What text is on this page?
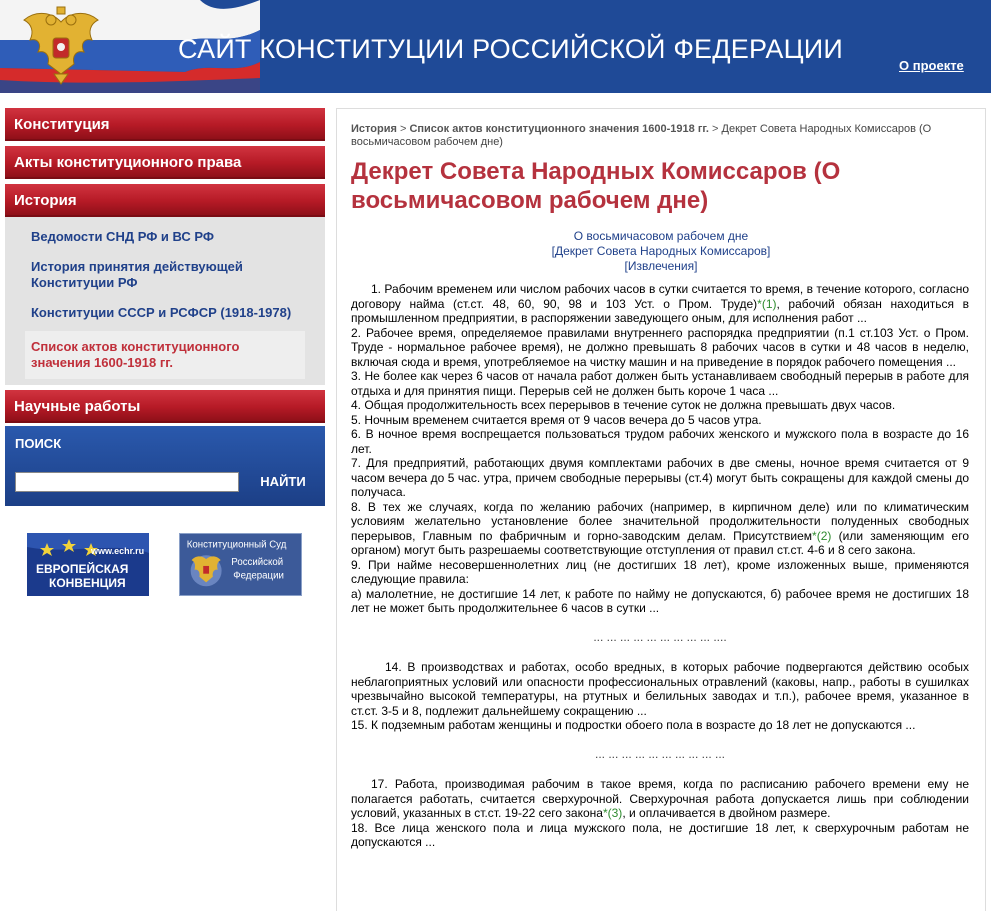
САЙТ КОНСТИТУЦИИ РОССИЙСКОЙ ФЕДЕРАЦИИ
О проекте
Конституция
Акты конституционного права
История
Ведомости СНД РФ и ВС РФ
История принятия действующей Конституции РФ
Конституции СССР и РСФСР (1918-1978)
Список актов конституционного значения 1600-1918 гг.
Научные работы
ПОИСК
НАЙТИ
www.echr.ru
ЕВРОПЕЙСКАЯ
КОНВЕНЦИЯ
Конституционный Суд
Российской
Федерации
История > Список актов конституционного значения 1600-1918 гг. > Декрет Совета Народных Комиссаров (О восьмичасовом рабочем дне)
Декрет Совета Народных Комиссаров (О восьмичасовом рабочем дне)
О восьмичасовом рабочем дне
[Декрет Совета Народных Комиссаров]
[Извлечения]

1. Рабочим временем или числом рабочих часов в сутки считается то время, в течение которого, согласно договору найма (ст.ст. 48, 60, 90, 98 и 103 Уст. о Пром. Труде)*(1), рабочий обязан находиться в промышленном предприятии, в распоряжении заведующего оным, для исполнения работ ...

2. Рабочее время, определяемое правилами внутреннего распорядка предприятии (п.1 ст.103 Уст. о Пром. Труде - нормальное рабочее время), не должно превышать 8 рабочих часов в сутки и 48 часов в неделю, включая сюда и время, употребляемое на чистку машин и на приведение в порядок рабочего помещения ...

3. Не более как через 6 часов от начала работ должен быть устанавливаем свободный перерыв в работе для отдыха и для принятия пищи. Перерыв сей не должен быть короче 1 часа ...

4. Общая продолжительность всех перерывов в течение суток не должна превышать двух часов.

5. Ночным временем считается время от 9 часов вечера до 5 часов утра.

6. В ночное время воспрещается пользоваться трудом рабочих женского и мужского пола в возрасте до 16 лет.

7. Для предприятий, работающих двумя комплектами рабочих в две смены, ночное время считается от 9 часом вечера до 5 час. утра, причем свободные перерывы (ст.4) могут быть сокращены для каждой смены до получаса.

8. В тех же случаях, когда по желанию рабочих (например, в кирпичном деле) или по климатическим условиям желательно установление более значительной продолжительности полуденных свободных перерывов, Главным по фабричным и горно-заводским делам. Присутствием*(2) (или заменяющим его органом) могут быть разрешаемы соответствующие отступления от правил ст.ст. 4-6 и 8 сего закона.

9. При найме несовершеннолетних лиц (не достигших 18 лет), кроме изложенных выше, применяются следующие правила:

а) малолетние, не достигшие 14 лет, к работе по найму не допускаются, б) рабочее время не достигших 18 лет не может быть продолжительнее 6 часов в сутки ...

... ... ... ... ... ... ... ... ... ....

14. В производствах и работах, особо вредных, в которых рабочие подвергаются действию особых неблагоприятных условий или опасности профессиональных отравлений (каковы, напр., работы в сушилках чрезвычайно высокой температуры, на ртутных и белильных заводах и т.п.), рабочее время, указанное в ст.ст. 3-5 и 8, подлежит дальнейшему сокращению ...

15. К подземным работам женщины и подростки обоего пола в возрасте до 18 лет не допускаются ...

... ... ... ... ... ... ... ... ... ...

17. Работа, производимая рабочим в такое время, когда по расписанию рабочего времени ему не полагается работать, считается сверхурочной. Сверхурочная работа допускается лишь при соблюдении условий, указанных в ст.ст. 19-22 сего закона*(3), и оплачивается в двойном размере.

18. Все лица женского пола и лица мужского пола, не достигшие 18 лет, к сверхурочным работам не допускаются ...
